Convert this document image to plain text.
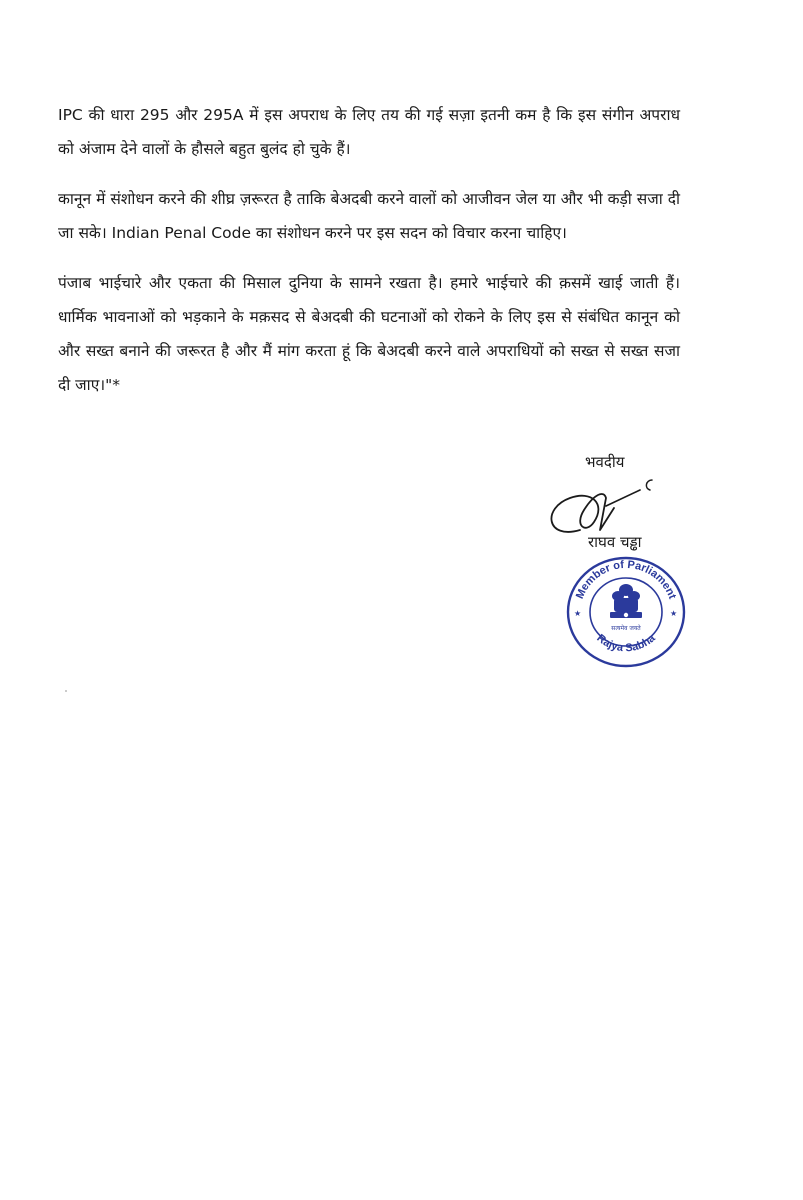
IPC की धारा 295 और 295A में इस अपराध के लिए तय की गई सज़ा इतनी कम है कि इस संगीन अपराध को अंजाम देने वालों के हौसले बहुत बुलंद हो चुके हैं।

कानून में संशोधन करने की शीघ्र ज़रूरत है ताकि बेअदबी करने वालों को आजीवन जेल या और भी कड़ी सजा दी जा सके। Indian Penal Code का संशोधन करने पर इस सदन को विचार करना चाहिए।

पंजाब भाईचारे और एकता की मिसाल दुनिया के सामने रखता है। हमारे भाईचारे की क़समें खाई जाती हैं। धार्मिक भावनाओं को भड़काने के मक़सद से बेअदबी की घटनाओं को रोकने के लिए इस से संबंधित कानून को और सख्त बनाने की जरूरत है और मैं मांग करता हूं कि बेअदबी करने वाले अपराधियों को सख्त से सख्त सजा दी जाए।"*

भवदीय
राघव चड्ढा
Member of Parliament
Rajya Sabha
★	★
सत्यमेव जयते
